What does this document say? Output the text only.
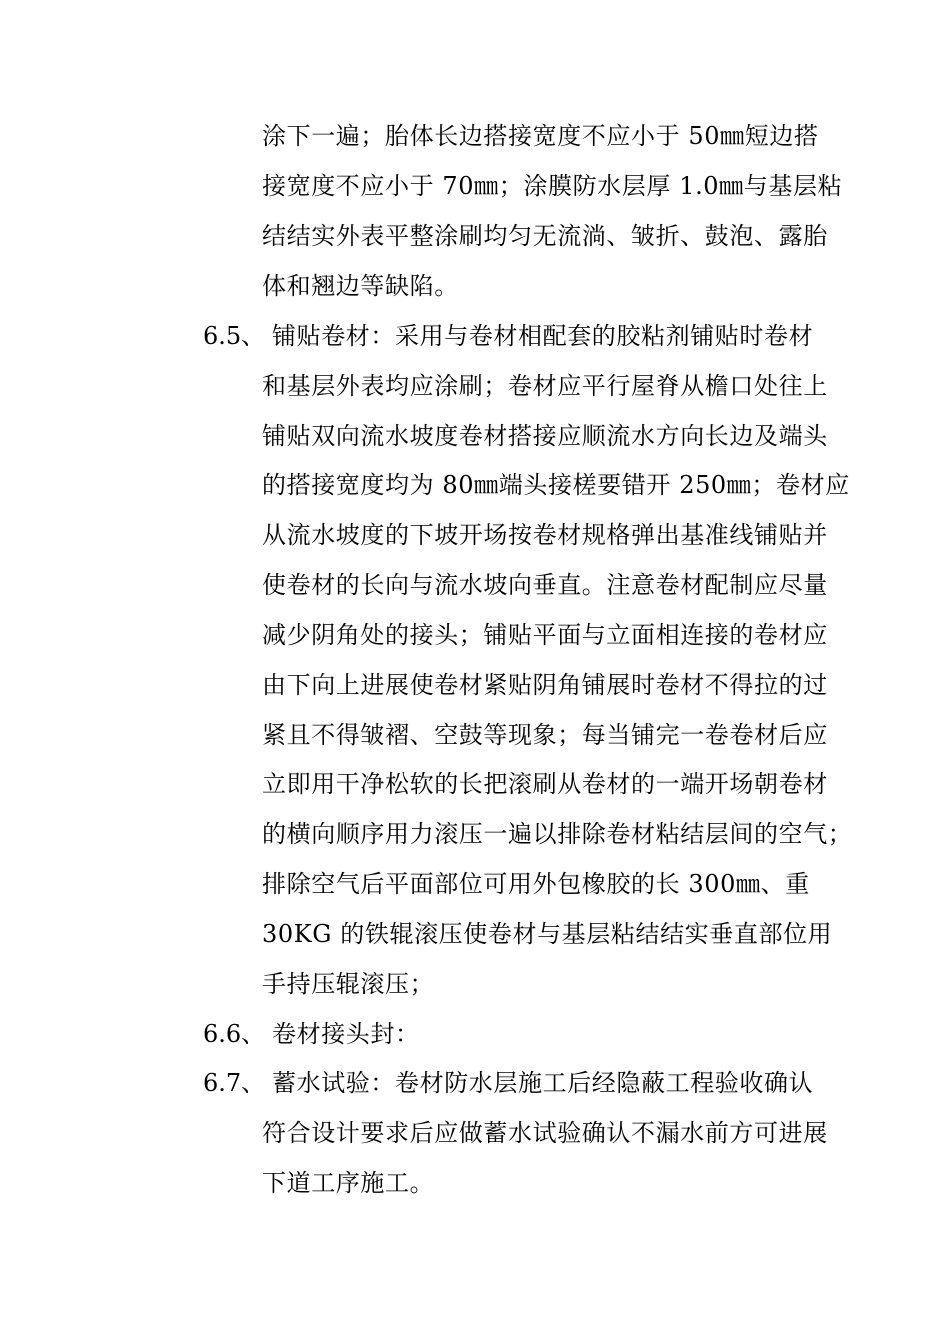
涂下一遍；胎体长边搭接宽度不应小于 50㎜短边搭
接宽度不应小于 70㎜；涂膜防水层厚 1.0㎜与基层粘
结结实外表平整涂刷均匀无流淌、皱折、鼓泡、露胎
体和翘边等缺陷。
6.5、 铺贴卷材：采用与卷材相配套的胶粘剂铺贴时卷材
和基层外表均应涂刷；卷材应平行屋脊从檐口处往上
铺贴双向流水坡度卷材搭接应顺流水方向长边及端头
的搭接宽度均为 80㎜端头接槎要错开 250㎜；卷材应
从流水坡度的下坡开场按卷材规格弹出基准线铺贴并
使卷材的长向与流水坡向垂直。注意卷材配制应尽量
减少阴角处的接头；铺贴平面与立面相连接的卷材应
由下向上进展使卷材紧贴阴角铺展时卷材不得拉的过
紧且不得皱褶、空鼓等现象；每当铺完一卷卷材后应
立即用干净松软的长把滚刷从卷材的一端开场朝卷材
的横向顺序用力滚压一遍以排除卷材粘结层间的空气；
排除空气后平面部位可用外包橡胶的长 300㎜、重
30KG 的铁辊滚压使卷材与基层粘结结实垂直部位用
手持压辊滚压；
6.6、 卷材接头封：
6.7、 蓄水试验：卷材防水层施工后经隐蔽工程验收确认
符合设计要求后应做蓄水试验确认不漏水前方可进展
下道工序施工。
